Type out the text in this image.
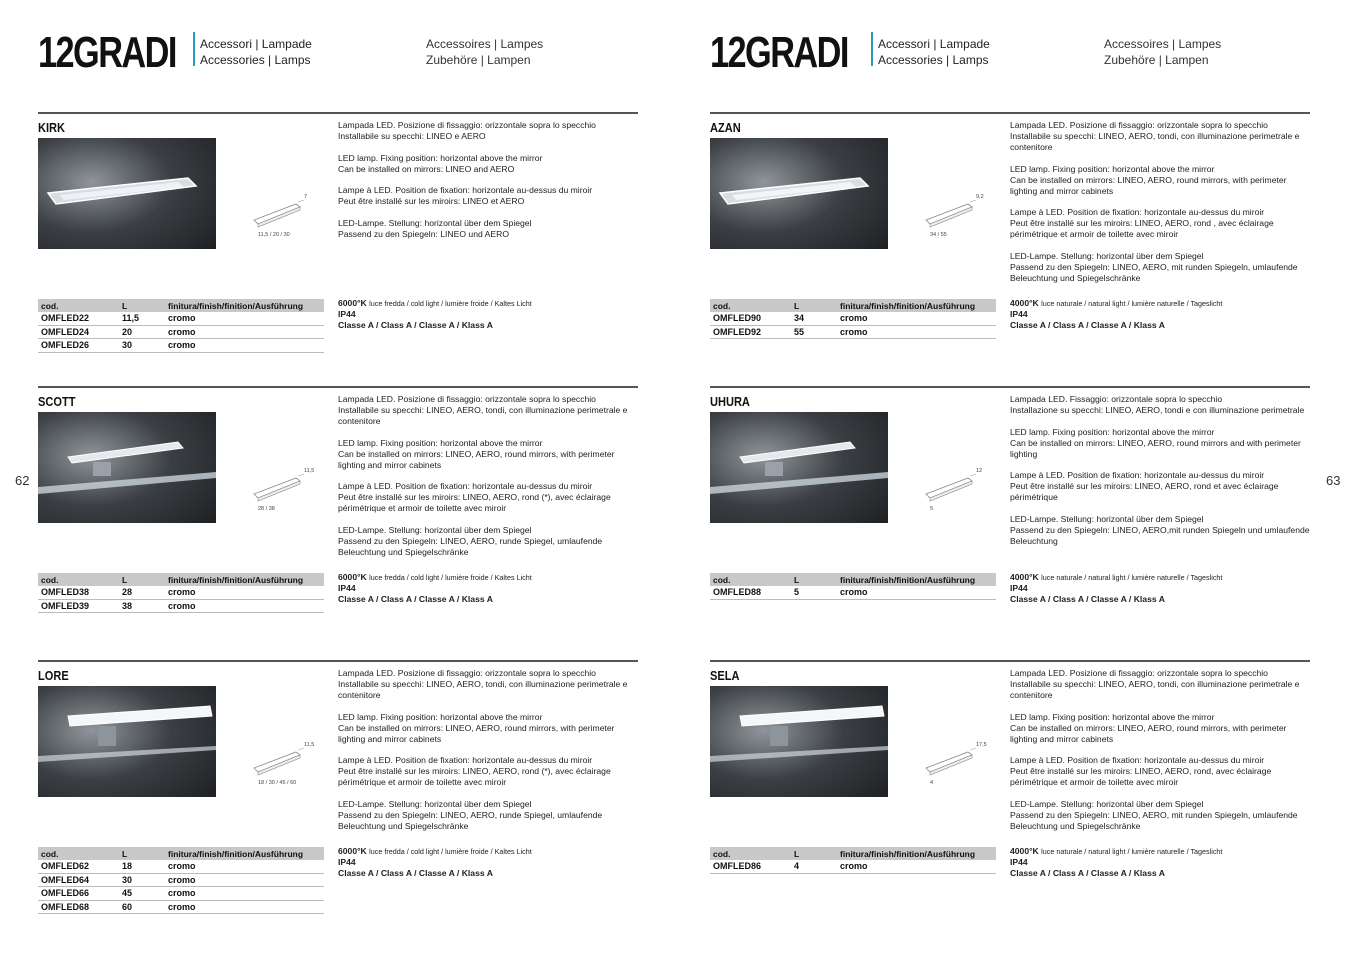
12GRADI Accessori | Lampade
Accessories | Lamps
Accessoires | Lampes
Zubehöre | Lampen
62
KIRK
7
11,5 / 20 / 30

Lampada LED. Posizione di fissaggio: orizzontale sopra lo specchio
Installabile su specchi: LINEO e AERO

LED lamp. Fixing position: horizontal above the mirror
Can be installed on mirrors: LINEO and AERO

Lampe à LED. Position de fixation: horizontale au-dessus du miroir
Peut être installé sur les miroirs: LINEO et AERO

LED-Lampe. Stellung: horizontal über dem Spiegel
Passend zu den Spiegeln: LINEO und AERO

cod.	L	finitura/finish/finition/Ausführung
OMFLED22	11,5	cromo
OMFLED24	20	cromo
OMFLED26	30	cromo
6000°K luce fredda / cold light / lumière froide / Kaltes Licht
IP44
Classe A / Class A / Classe A / Klass A
SCOTT
11,5
28 / 38

Lampada LED. Posizione di fissaggio: orizzontale sopra lo specchio
Installabile su specchi: LINEO, AERO, tondi, con illuminazione perimetrale e contenitore

LED lamp. Fixing position: horizontal above the mirror
Can be installed on mirrors: LINEO, AERO, round mirrors, with perimeter lighting and mirror cabinets

Lampe à LED. Position de fixation: horizontale au-dessus du miroir
Peut être installé sur les miroirs: LINEO, AERO, rond (*), avec éclairage périmétrique et armoir de toilette avec miroir

LED-Lampe. Stellung: horizontal über dem Spiegel
Passend zu den Spiegeln: LINEO, AERO, runde Spiegel, umlaufende Beleuchtung und Spiegelschränke

cod.	L	finitura/finish/finition/Ausführung
OMFLED38	28	cromo
OMFLED39	38	cromo
6000°K luce fredda / cold light / lumière froide / Kaltes Licht
IP44
Classe A / Class A / Classe A / Klass A
LORE
11,5
18 / 30 / 45 / 60

Lampada LED. Posizione di fissaggio: orizzontale sopra lo specchio
Installabile su specchi: LINEO, AERO, tondi, con illuminazione perimetrale e contenitore

LED lamp. Fixing position: horizontal above the mirror
Can be installed on mirrors: LINEO, AERO, round mirrors, with perimeter lighting and mirror cabinets

Lampe à LED. Position de fixation: horizontale au-dessus du miroir
Peut être installé sur les miroirs: LINEO, AERO, rond (*), avec éclairage périmétrique et armoir de toilette avec miroir

LED-Lampe. Stellung: horizontal über dem Spiegel
Passend zu den Spiegeln: LINEO, AERO, runde Spiegel, umlaufende Beleuchtung und Spiegelschränke

cod.	L	finitura/finish/finition/Ausführung
OMFLED62	18	cromo
OMFLED64	30	cromo
OMFLED66	45	cromo
OMFLED68	60	cromo
6000°K luce fredda / cold light / lumière froide / Kaltes Licht
IP44
Classe A / Class A / Classe A / Klass A
12GRADI	Accessori | Lampade
Accessories | Lamps
Accessoires | Lampes
Zubehöre | Lampen
63
AZAN
9,2
34 / 55

Lampada LED. Posizione di fissaggio: orizzontale sopra lo specchio
Installabile su specchi: LINEO, AERO, tondi, con illuminazione perimetrale e contenitore

LED lamp. Fixing position: horizontal above the mirror
Can be installed on mirrors: LINEO, AERO, round mirrors, with perimeter lighting and mirror cabinets

Lampe à LED. Position de fixation: horizontale au-dessus du miroir
Peut être installé sur les miroirs: LINEO, AERO, rond , avec éclairage périmétrique et armoir de toilette avec miroir

LED-Lampe. Stellung: horizontal über dem Spiegel
Passend zu den Spiegeln: LINEO, AERO, mit runden Spiegeln, umlaufende Beleuchtung und Spiegelschränke

cod.	L	finitura/finish/finition/Ausführung
OMFLED90	34	cromo
OMFLED92	55	cromo
4000°K luce naturale / natural light / lumière naturelle / Tageslicht
IP44
Classe A / Class A / Classe A / Klass A
UHURA
12
5

Lampada LED. Fissaggio: orizzontale sopra lo specchio
Installazione su specchi: LINEO, AERO, tondi e con illuminazione perimetrale

LED lamp. Fixing position: horizontal above the mirror
Can be installed on mirrors: LINEO, AERO, round mirrors and with perimeter lighting

Lampe à LED. Position de fixation: horizontale au-dessus du miroir
Peut être installé sur les miroirs: LINEO, AERO, rond et avec éclairage périmétrique

LED-Lampe. Stellung: horizontal über dem Spiegel
Passend zu den Spiegeln: LINEO, AERO,mit runden Spiegeln und umlaufende Beleuchtung

cod.	L	finitura/finish/finition/Ausführung
OMFLED88	5	cromo
4000°K luce naturale / natural light / lumière naturelle / Tageslicht
IP44
Classe A / Class A / Classe A / Klass A
SELA
17,5
4

Lampada LED. Posizione di fissaggio: orizzontale sopra lo specchio
Installabile su specchi: LINEO, AERO, tondi, con illuminazione perimetrale e contenitore

LED lamp. Fixing position: horizontal above the mirror
Can be installed on mirrors: LINEO, AERO, round mirrors, with perimeter lighting and mirror cabinets

Lampe à LED. Position de fixation: horizontale au-dessus du miroir
Peut être installé sur les miroirs: LINEO, AERO, rond, avec éclairage périmétrique et armoir de toilette avec miroir

LED-Lampe. Stellung: horizontal über dem Spiegel
Passend zu den Spiegeln: LINEO, AERO, mit runden Spiegeln, umlaufende Beleuchtung und Spiegelschränke

cod.	L	finitura/finish/finition/Ausführung
OMFLED86	4	cromo
4000°K luce naturale / natural light / lumière naturelle / Tageslicht
IP44
Classe A / Class A / Classe A / Klass A
